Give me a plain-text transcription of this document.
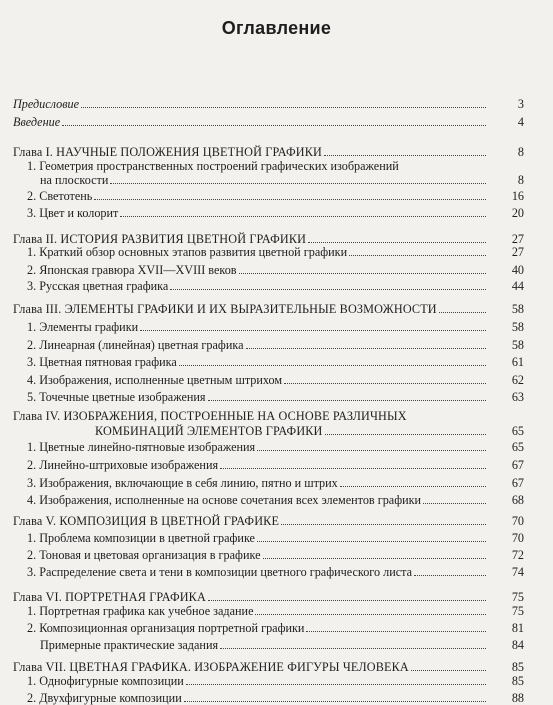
Оглавление
Предисловие	3
Введение	4
Глава I. НАУЧНЫЕ ПОЛОЖЕНИЯ ЦВЕТНОЙ ГРАФИКИ	8
1. Геометрия пространственных построений графических изображений
на плоскости	8
2. Светотень	16
3. Цвет и колорит	20
Глава II. ИСТОРИЯ РАЗВИТИЯ ЦВЕТНОЙ ГРАФИКИ	27
1. Краткий обзор основных этапов развития цветной графики	27
2. Японская гравюра XVII—XVIII веков	40
3. Русская цветная графика	44
Глава III. ЭЛЕМЕНТЫ ГРАФИКИ И ИХ ВЫРАЗИТЕЛЬНЫЕ ВОЗМОЖНОСТИ	58
1. Элементы графики	58
2. Линеарная (линейная) цветная графика	58
3. Цветная пятновая графика	61
4. Изображения, исполненные цветным штрихом	62
5. Точечные цветные изображения	63
Глава IV. ИЗОБРАЖЕНИЯ, ПОСТРОЕННЫЕ НА ОСНОВЕ РАЗЛИЧНЫХ
КОМБИНАЦИЙ ЭЛЕМЕНТОВ ГРАФИКИ	65
1. Цветные линейно-пятновые изображения	65
2. Линейно-штриховые изображения	67
3. Изображения, включающие в себя линию, пятно и штрих	67
4. Изображения, исполненные на основе сочетания всех элементов графики	68
Глава V. КОМПОЗИЦИЯ В ЦВЕТНОЙ ГРАФИКЕ	70
1. Проблема композиции в цветной графике	70
2. Тоновая и цветовая организация в графике	72
3. Распределение света и тени в композиции цветного графического листа	74
Глава VI. ПОРТРЕТНАЯ ГРАФИКА	75
1. Портретная графика как учебное задание	75
2. Композиционная организация портретной графики	81
Примерные практические задания	84
Глава VII. ЦВЕТНАЯ ГРАФИКА. ИЗОБРАЖЕНИЕ ФИГУРЫ ЧЕЛОВЕКА	85
1. Однофигурные композиции	85
2. Двухфигурные композиции	88
